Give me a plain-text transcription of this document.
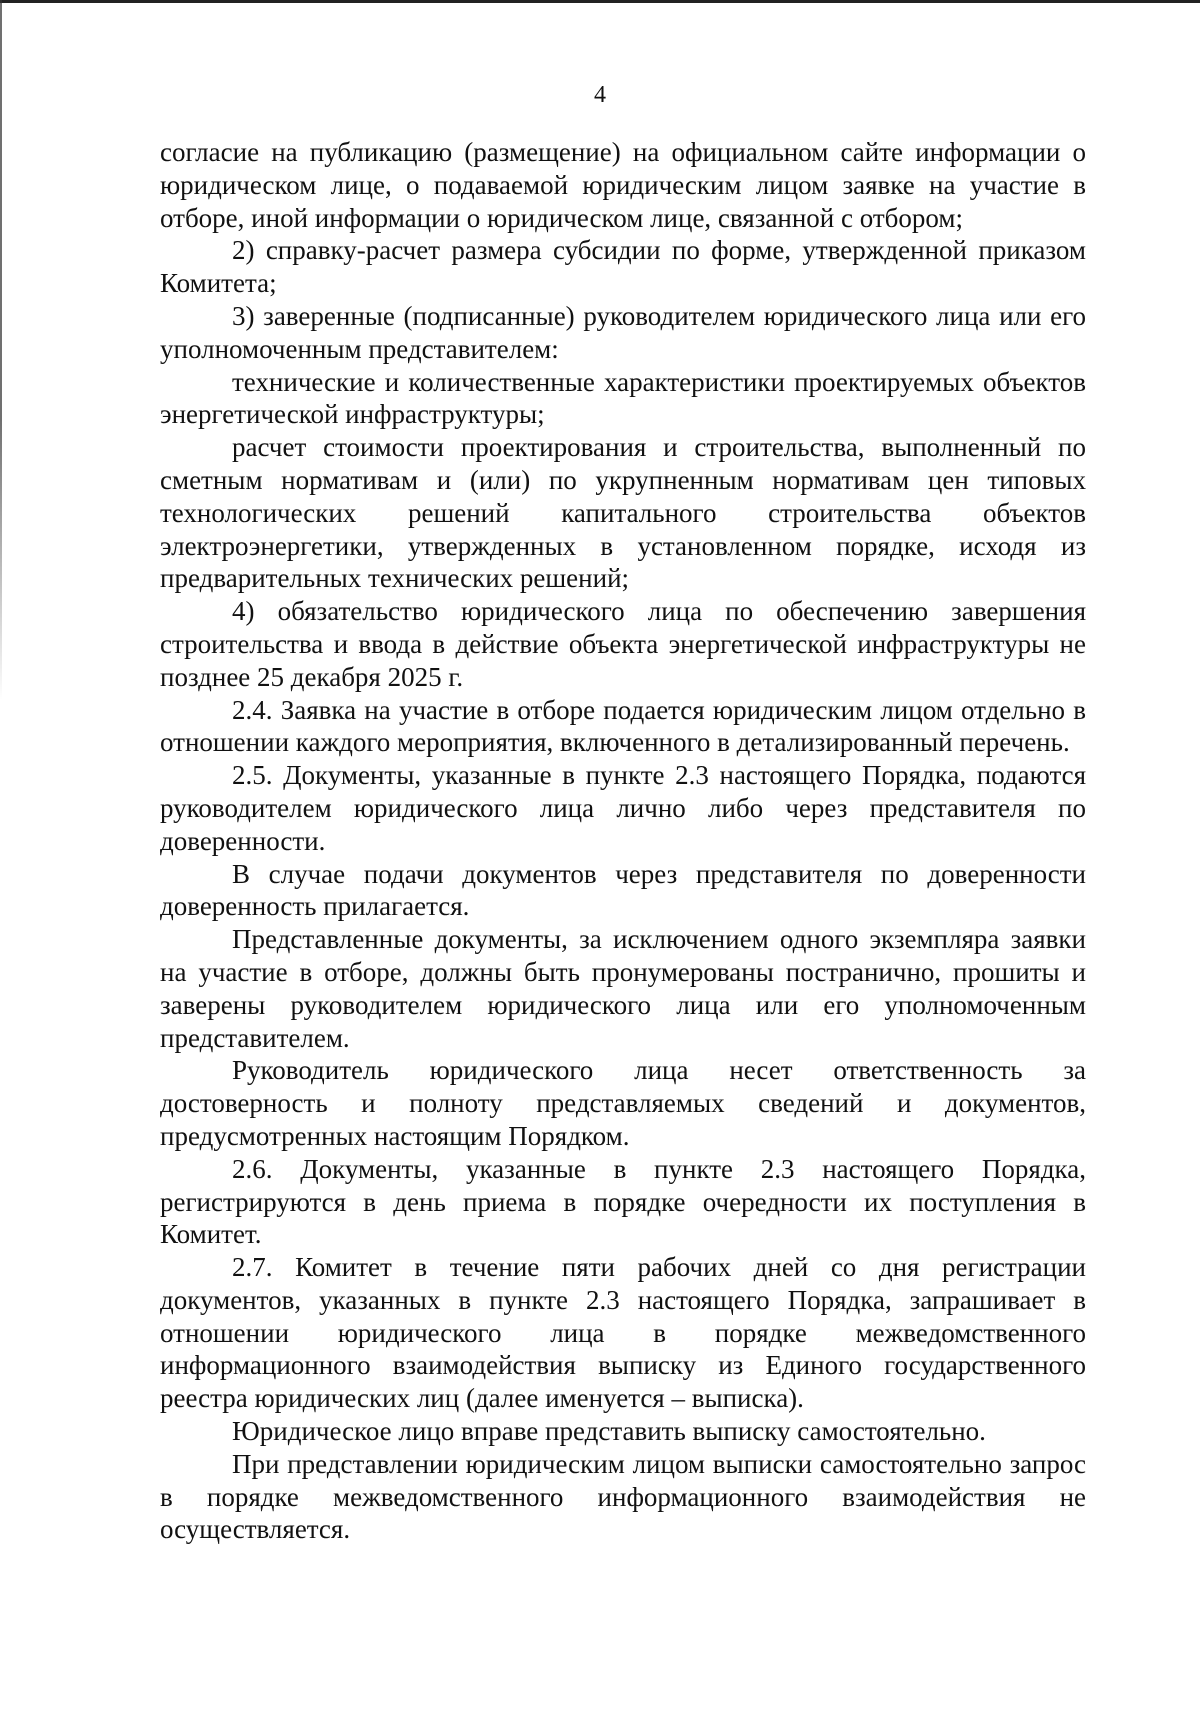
4

согласие на публикацию (размещение) на официальном сайте информации о юридическом лице, о подаваемой юридическим лицом заявке на участие в отборе, иной информации о юридическом лице, связанной с отбором;

2) справку-расчет размера субсидии по форме, утвержденной приказом Комитета;

3) заверенные (подписанные) руководителем юридического лица или его уполномоченным представителем:

технические и количественные характеристики проектируемых объектов энергетической инфраструктуры;

расчет стоимости проектирования и строительства, выполненный по сметным нормативам и (или) по укрупненным нормативам цен типовых технологических решений капитального строительства объектов электроэнергетики, утвержденных в установленном порядке, исходя из предварительных технических решений;

4) обязательство юридического лица по обеспечению завершения строительства и ввода в действие объекта энергетической инфраструктуры не позднее 25 декабря 2025 г.

2.4. Заявка на участие в отборе подается юридическим лицом отдельно в отношении каждого мероприятия, включенного в детализированный перечень.

2.5. Документы, указанные в пункте 2.3 настоящего Порядка, подаются руководителем юридического лица лично либо через представителя по доверенности.

В случае подачи документов через представителя по доверенности доверенность прилагается.

Представленные документы, за исключением одного экземпляра заявки на участие в отборе, должны быть пронумерованы постранично, прошиты и заверены руководителем юридического лица или его уполномоченным представителем.

Руководитель юридического лица несет ответственность за достоверность и полноту представляемых сведений и документов, предусмотренных настоящим Порядком.

2.6. Документы, указанные в пункте 2.3 настоящего Порядка, регистрируются в день приема в порядке очередности их поступления в Комитет.

2.7. Комитет в течение пяти рабочих дней со дня регистрации документов, указанных в пункте 2.3 настоящего Порядка, запрашивает в отношении юридического лица в порядке межведомственного информационного взаимодействия выписку из Единого государственного реестра юридических лиц (далее именуется – выписка).

Юридическое лицо вправе представить выписку самостоятельно.

При представлении юридическим лицом выписки самостоятельно запрос в порядке межведомственного информационного взаимодействия не осуществляется.
